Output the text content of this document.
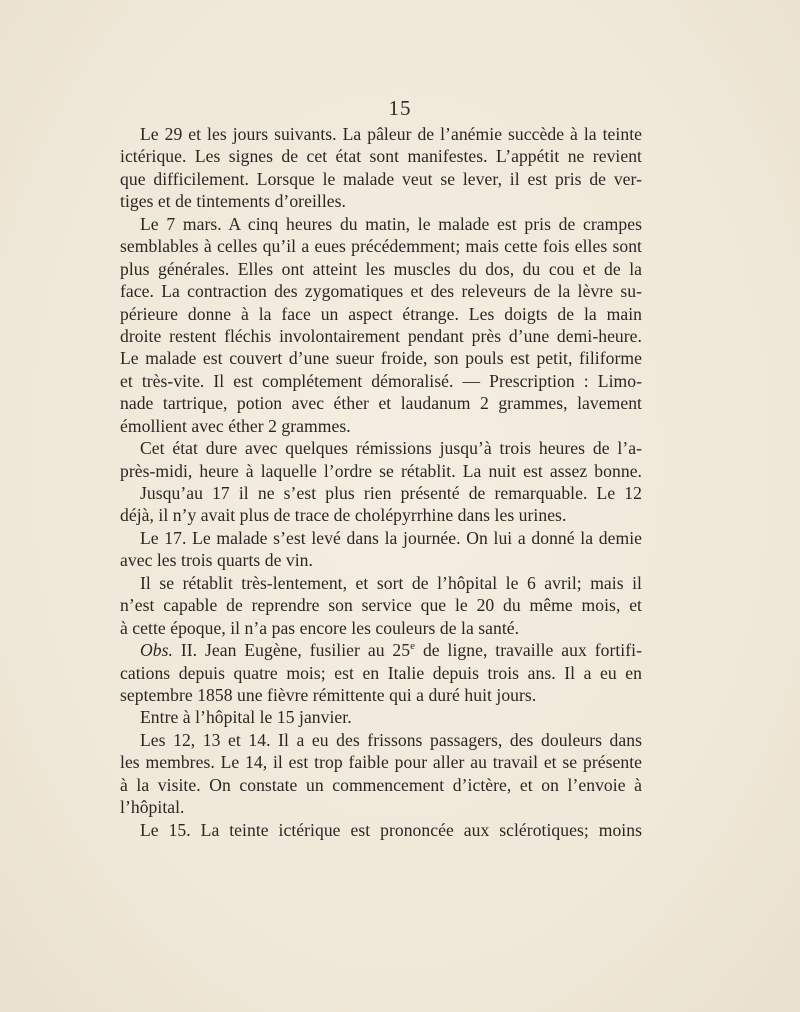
15
Le 29 et les jours suivants. La pâleur de l’anémie succède à la teinte
ictérique. Les signes de cet état sont manifestes. L’appétit ne revient
que difficilement. Lorsque le malade veut se lever, il est pris de ver-
tiges et de tintements d’oreilles.
Le 7 mars. A cinq heures du matin, le malade est pris de crampes
semblables à celles qu’il a eues précédemment; mais cette fois elles sont
plus générales. Elles ont atteint les muscles du dos, du cou et de la
face. La contraction des zygomatiques et des releveurs de la lèvre su-
périeure donne à la face un aspect étrange. Les doigts de la main
droite restent fléchis involontairement pendant près d’une demi-heure.
Le malade est couvert d’une sueur froide, son pouls est petit, filiforme
et très-vite. Il est complétement démoralisé. — Prescription : Limo-
nade tartrique, potion avec éther et laudanum 2 grammes, lavement
émollient avec éther 2 grammes.
Cet état dure avec quelques rémissions jusqu’à trois heures de l’a-
près-midi, heure à laquelle l’ordre se rétablit. La nuit est assez bonne.
Jusqu’au 17 il ne s’est plus rien présenté de remarquable. Le 12
déjà, il n’y avait plus de trace de cholépyrrhine dans les urines.
Le 17. Le malade s’est levé dans la journée. On lui a donné la demie
avec les trois quarts de vin.
Il se rétablit très-lentement, et sort de l’hôpital le 6 avril; mais il
n’est capable de reprendre son service que le 20 du même mois, et
à cette époque, il n’a pas encore les couleurs de la santé.
Obs. II. Jean Eugène, fusilier au 25e de ligne, travaille aux fortifi-
cations depuis quatre mois; est en Italie depuis trois ans. Il a eu en
septembre 1858 une fièvre rémittente qui a duré huit jours.
Entre à l’hôpital le 15 janvier.
Les 12, 13 et 14. Il a eu des frissons passagers, des douleurs dans
les membres. Le 14, il est trop faible pour aller au travail et se présente
à la visite. On constate un commencement d’ictère, et on l’envoie à
l’hôpital.
Le 15. La teinte ictérique est prononcée aux sclérotiques; moins
